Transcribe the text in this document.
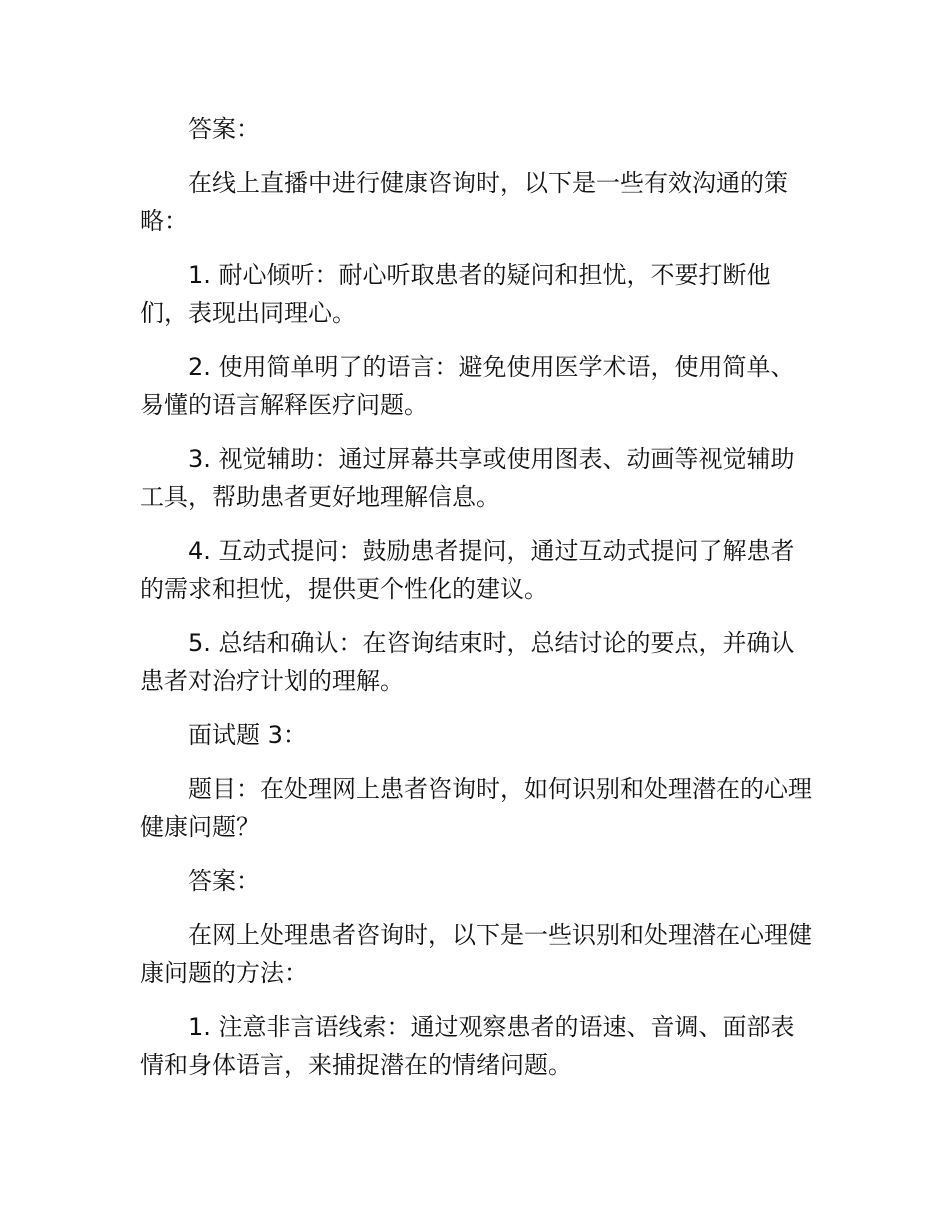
答案：

在线上直播中进行健康咨询时，以下是一些有效沟通的策略：

1. 耐心倾听：耐心听取患者的疑问和担忧，不要打断他们，表现出同理心。

2. 使用简单明了的语言：避免使用医学术语，使用简单、易懂的语言解释医疗问题。

3. 视觉辅助：通过屏幕共享或使用图表、动画等视觉辅助工具，帮助患者更好地理解信息。

4. 互动式提问：鼓励患者提问，通过互动式提问了解患者的需求和担忧，提供更个性化的建议。

5. 总结和确认：在咨询结束时，总结讨论的要点，并确认患者对治疗计划的理解。

面试题 3：

题目：在处理网上患者咨询时，如何识别和处理潜在的心理健康问题？

答案：

在网上处理患者咨询时，以下是一些识别和处理潜在心理健康问题的方法：

1. 注意非言语线索：通过观察患者的语速、音调、面部表情和身体语言，来捕捉潜在的情绪问题。
